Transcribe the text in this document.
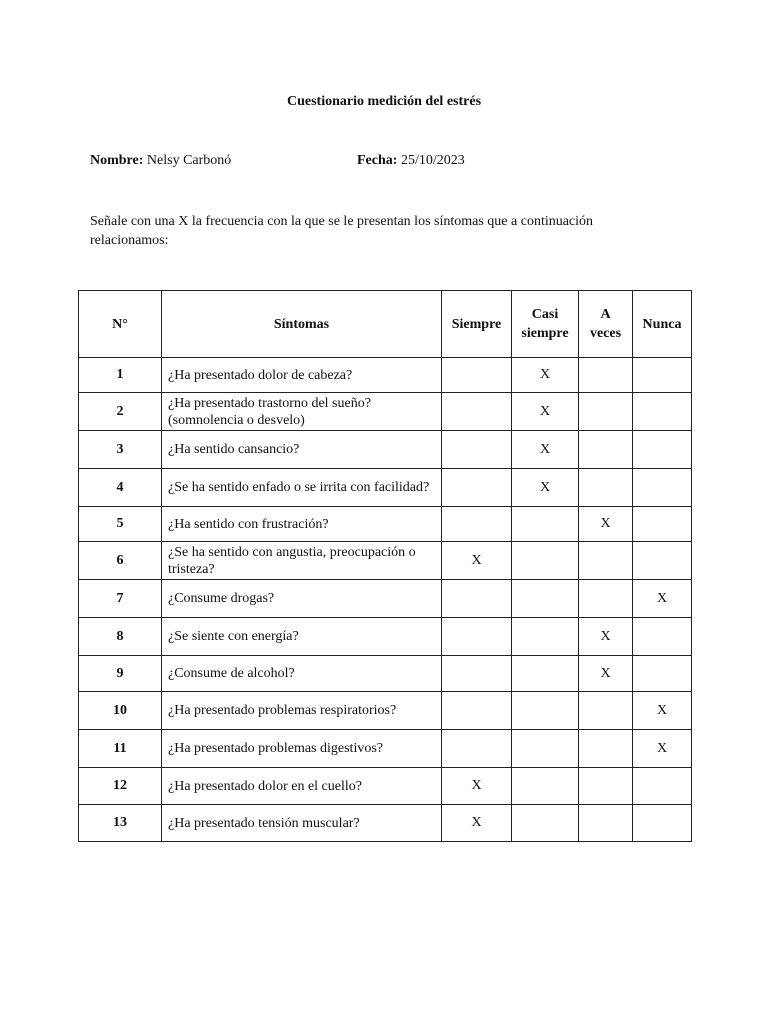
Cuestionario medición del estrés
Nombre: Nelsy Carbonó	Fecha: 25/10/2023
Señale con una X la frecuencia con la que se le presentan los síntomas que a continuación relacionamos:
N°	Síntomas	Siempre	Casi siempre	A veces	Nunca
1	¿Ha presentado dolor de cabeza?		X		
2	¿Ha presentado trastorno del sueño? (somnolencia o desvelo)		X		
3	¿Ha sentido cansancio?		X		
4	¿Se ha sentido enfado o se irrita con facilidad?		X		
5	¿Ha sentido con frustración?			X	
6	¿Se ha sentido con angustia, preocupación o tristeza?	X			
7	¿Consume drogas?				X
8	¿Se siente con energía?			X	
9	¿Consume de alcohol?			X	
10	¿Ha presentado problemas respiratorios?				X
11	¿Ha presentado problemas digestivos?				X
12	¿Ha presentado dolor en el cuello?	X			
13	¿Ha presentado tensión muscular?	X			
